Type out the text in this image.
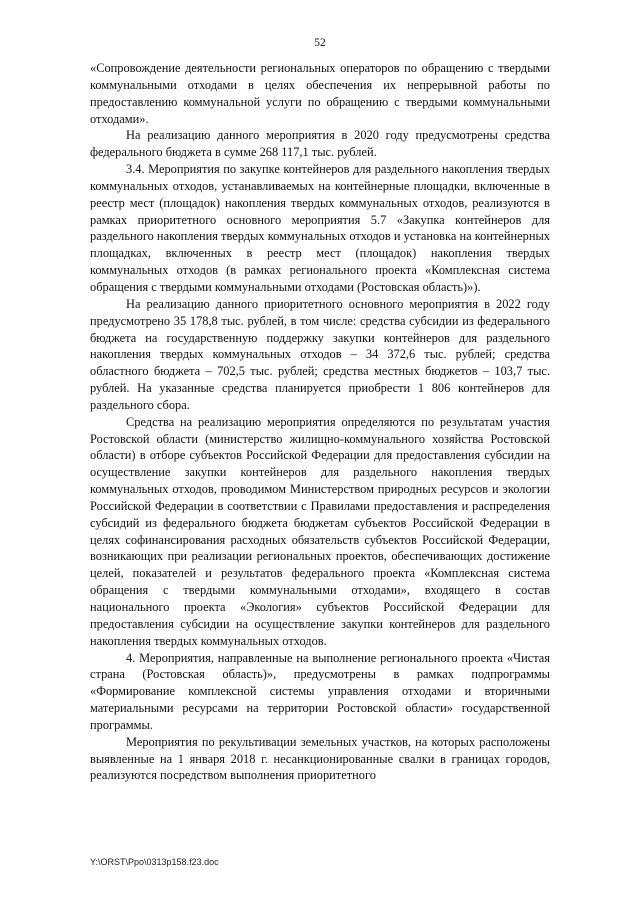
52

«Сопровождение деятельности региональных операторов по обращению с твердыми коммунальными отходами в целях обеспечения их непрерывной работы по предоставлению коммунальной услуги по обращению с твердыми коммунальными отходами».

На реализацию данного мероприятия в 2020 году предусмотрены средства федерального бюджета в сумме 268 117,1 тыс. рублей.

3.4. Мероприятия по закупке контейнеров для раздельного накопления твердых коммунальных отходов, устанавливаемых на контейнерные площадки, включенные в реестр мест (площадок) накопления твердых коммунальных отходов, реализуются в рамках приоритетного основного мероприятия 5.7 «Закупка контейнеров для раздельного накопления твердых коммунальных отходов и установка на контейнерных площадках, включенных в реестр мест (площадок) накопления твердых коммунальных отходов (в рамках регионального проекта «Комплексная система обращения с твердыми коммунальными отходами (Ростовская область)»).

На реализацию данного приоритетного основного мероприятия в 2022 году предусмотрено 35 178,8 тыс. рублей, в том числе: средства субсидии из федерального бюджета на государственную поддержку закупки контейнеров для раздельного накопления твердых коммунальных отходов – 34 372,6 тыс. рублей; средства областного бюджета – 702,5 тыс. рублей; средства местных бюджетов – 103,7 тыс. рублей. На указанные средства планируется приобрести 1 806 контейнеров для раздельного сбора.

Средства на реализацию мероприятия определяются по результатам участия Ростовской области (министерство жилищно-коммунального хозяйства Ростовской области) в отборе субъектов Российской Федерации для предоставления субсидии на осуществление закупки контейнеров для раздельного накопления твердых коммунальных отходов, проводимом Министерством природных ресурсов и экологии Российской Федерации в соответствии с Правилами предоставления и распределения субсидий из федерального бюджета бюджетам субъектов Российской Федерации в целях софинансирования расходных обязательств субъектов Российской Федерации, возникающих при реализации региональных проектов, обеспечивающих достижение целей, показателей и результатов федерального проекта «Комплексная система обращения с твердыми коммунальными отходами», входящего в состав национального проекта «Экология» субъектов Российской Федерации для предоставления субсидии на осуществление закупки контейнеров для раздельного накопления твердых коммунальных отходов.

4. Мероприятия, направленные на выполнение регионального проекта «Чистая страна (Ростовская область)», предусмотрены в рамках подпрограммы «Формирование комплексной системы управления отходами и вторичными материальными ресурсами на территории Ростовской области» государственной программы.

Мероприятия по рекультивации земельных участков, на которых расположены выявленные на 1 января 2018 г. несанкционированные свалки в границах городов, реализуются посредством выполнения приоритетного

Y:\ORST\Ppo\0313p158.f23.doc
